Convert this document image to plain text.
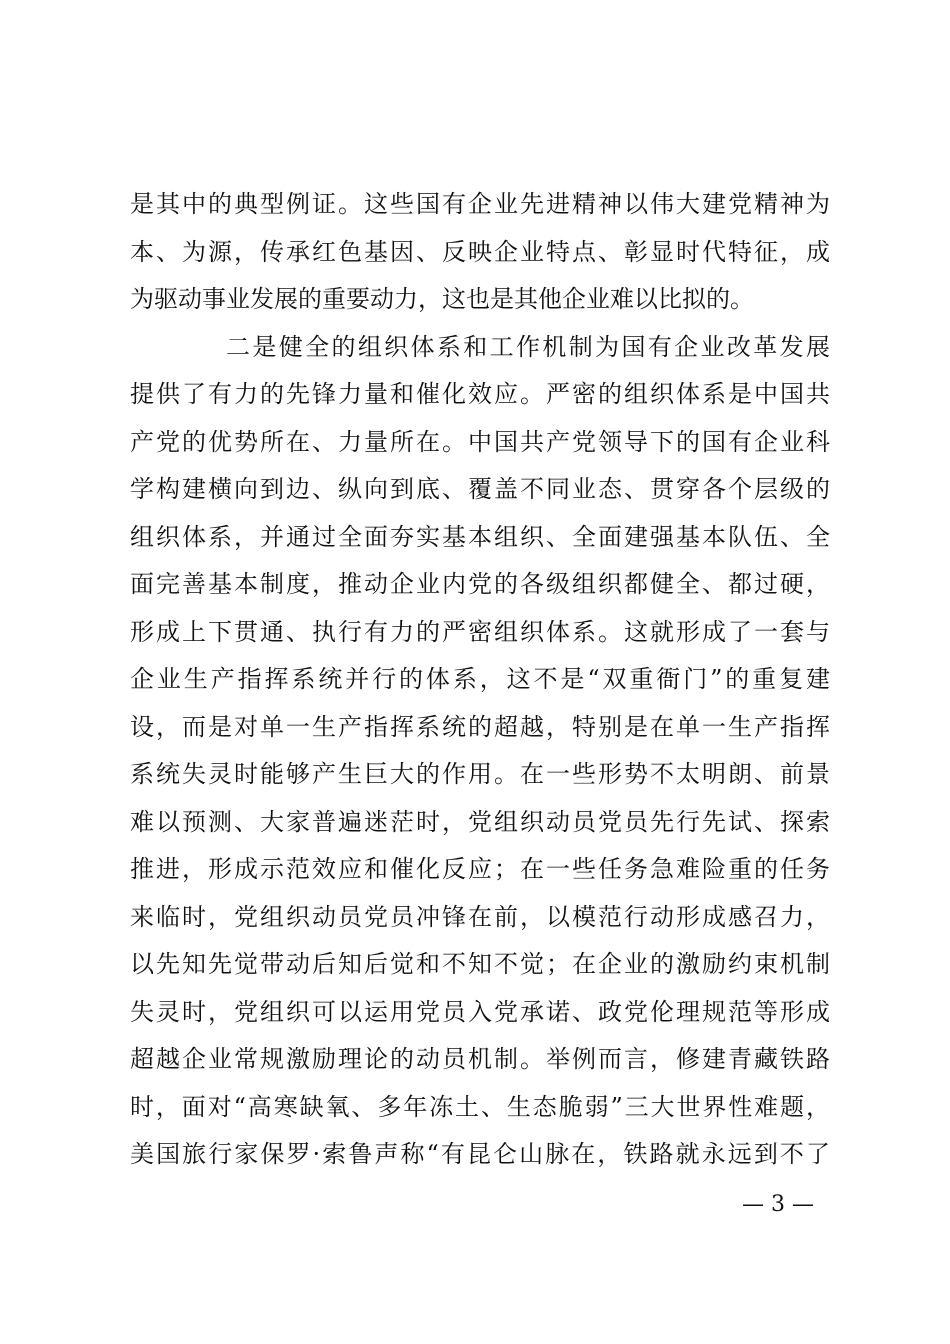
是其中的典型例证。这些国有企业先进精神以伟大建党精神为
本、为源，传承红色基因、反映企业特点、彰显时代特征，成
为驱动事业发展的重要动力，这也是其他企业难以比拟的。
二是健全的组织体系和工作机制为国有企业改革发展
提供了有力的先锋力量和催化效应。严密的组织体系是中国共
产党的优势所在、力量所在。中国共产党领导下的国有企业科
学构建横向到边、纵向到底、覆盖不同业态、贯穿各个层级的
组织体系，并通过全面夯实基本组织、全面建强基本队伍、全
面完善基本制度，推动企业内党的各级组织都健全、都过硬，
形成上下贯通、执行有力的严密组织体系。这就形成了一套与
企业生产指挥系统并行的体系，这不是“双重衙门”的重复建
设，而是对单一生产指挥系统的超越，特别是在单一生产指挥
系统失灵时能够产生巨大的作用。在一些形势不太明朗、前景
难以预测、大家普遍迷茫时，党组织动员党员先行先试、探索
推进，形成示范效应和催化反应；在一些任务急难险重的任务
来临时，党组织动员党员冲锋在前，以模范行动形成感召力，
以先知先觉带动后知后觉和不知不觉；在企业的激励约束机制
失灵时，党组织可以运用党员入党承诺、政党伦理规范等形成
超越企业常规激励理论的动员机制。举例而言，修建青藏铁路
时，面对“高寒缺氧、多年冻土、生态脆弱”三大世界性难题，
美国旅行家保罗·索鲁声称“有昆仑山脉在，铁路就永远到不了
— 3 —
